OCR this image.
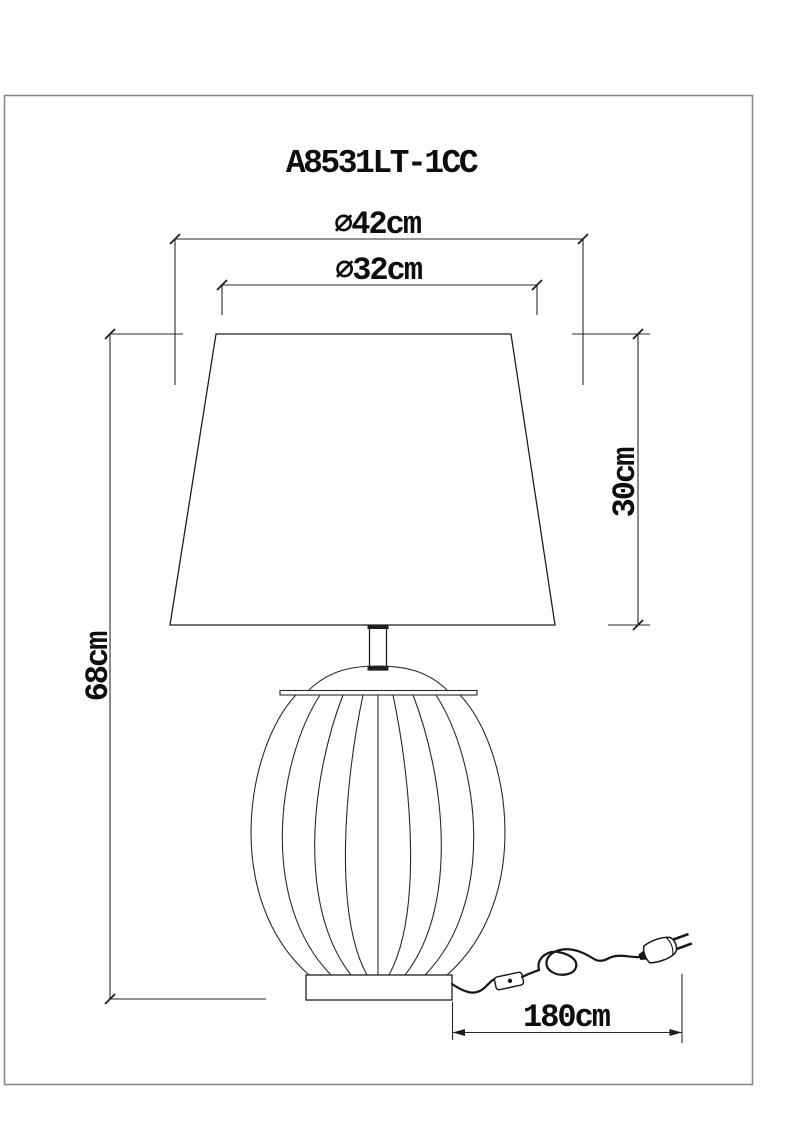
A8531LT-1CC
⌀42cm
⌀32cm
68cm
30cm
180cm
